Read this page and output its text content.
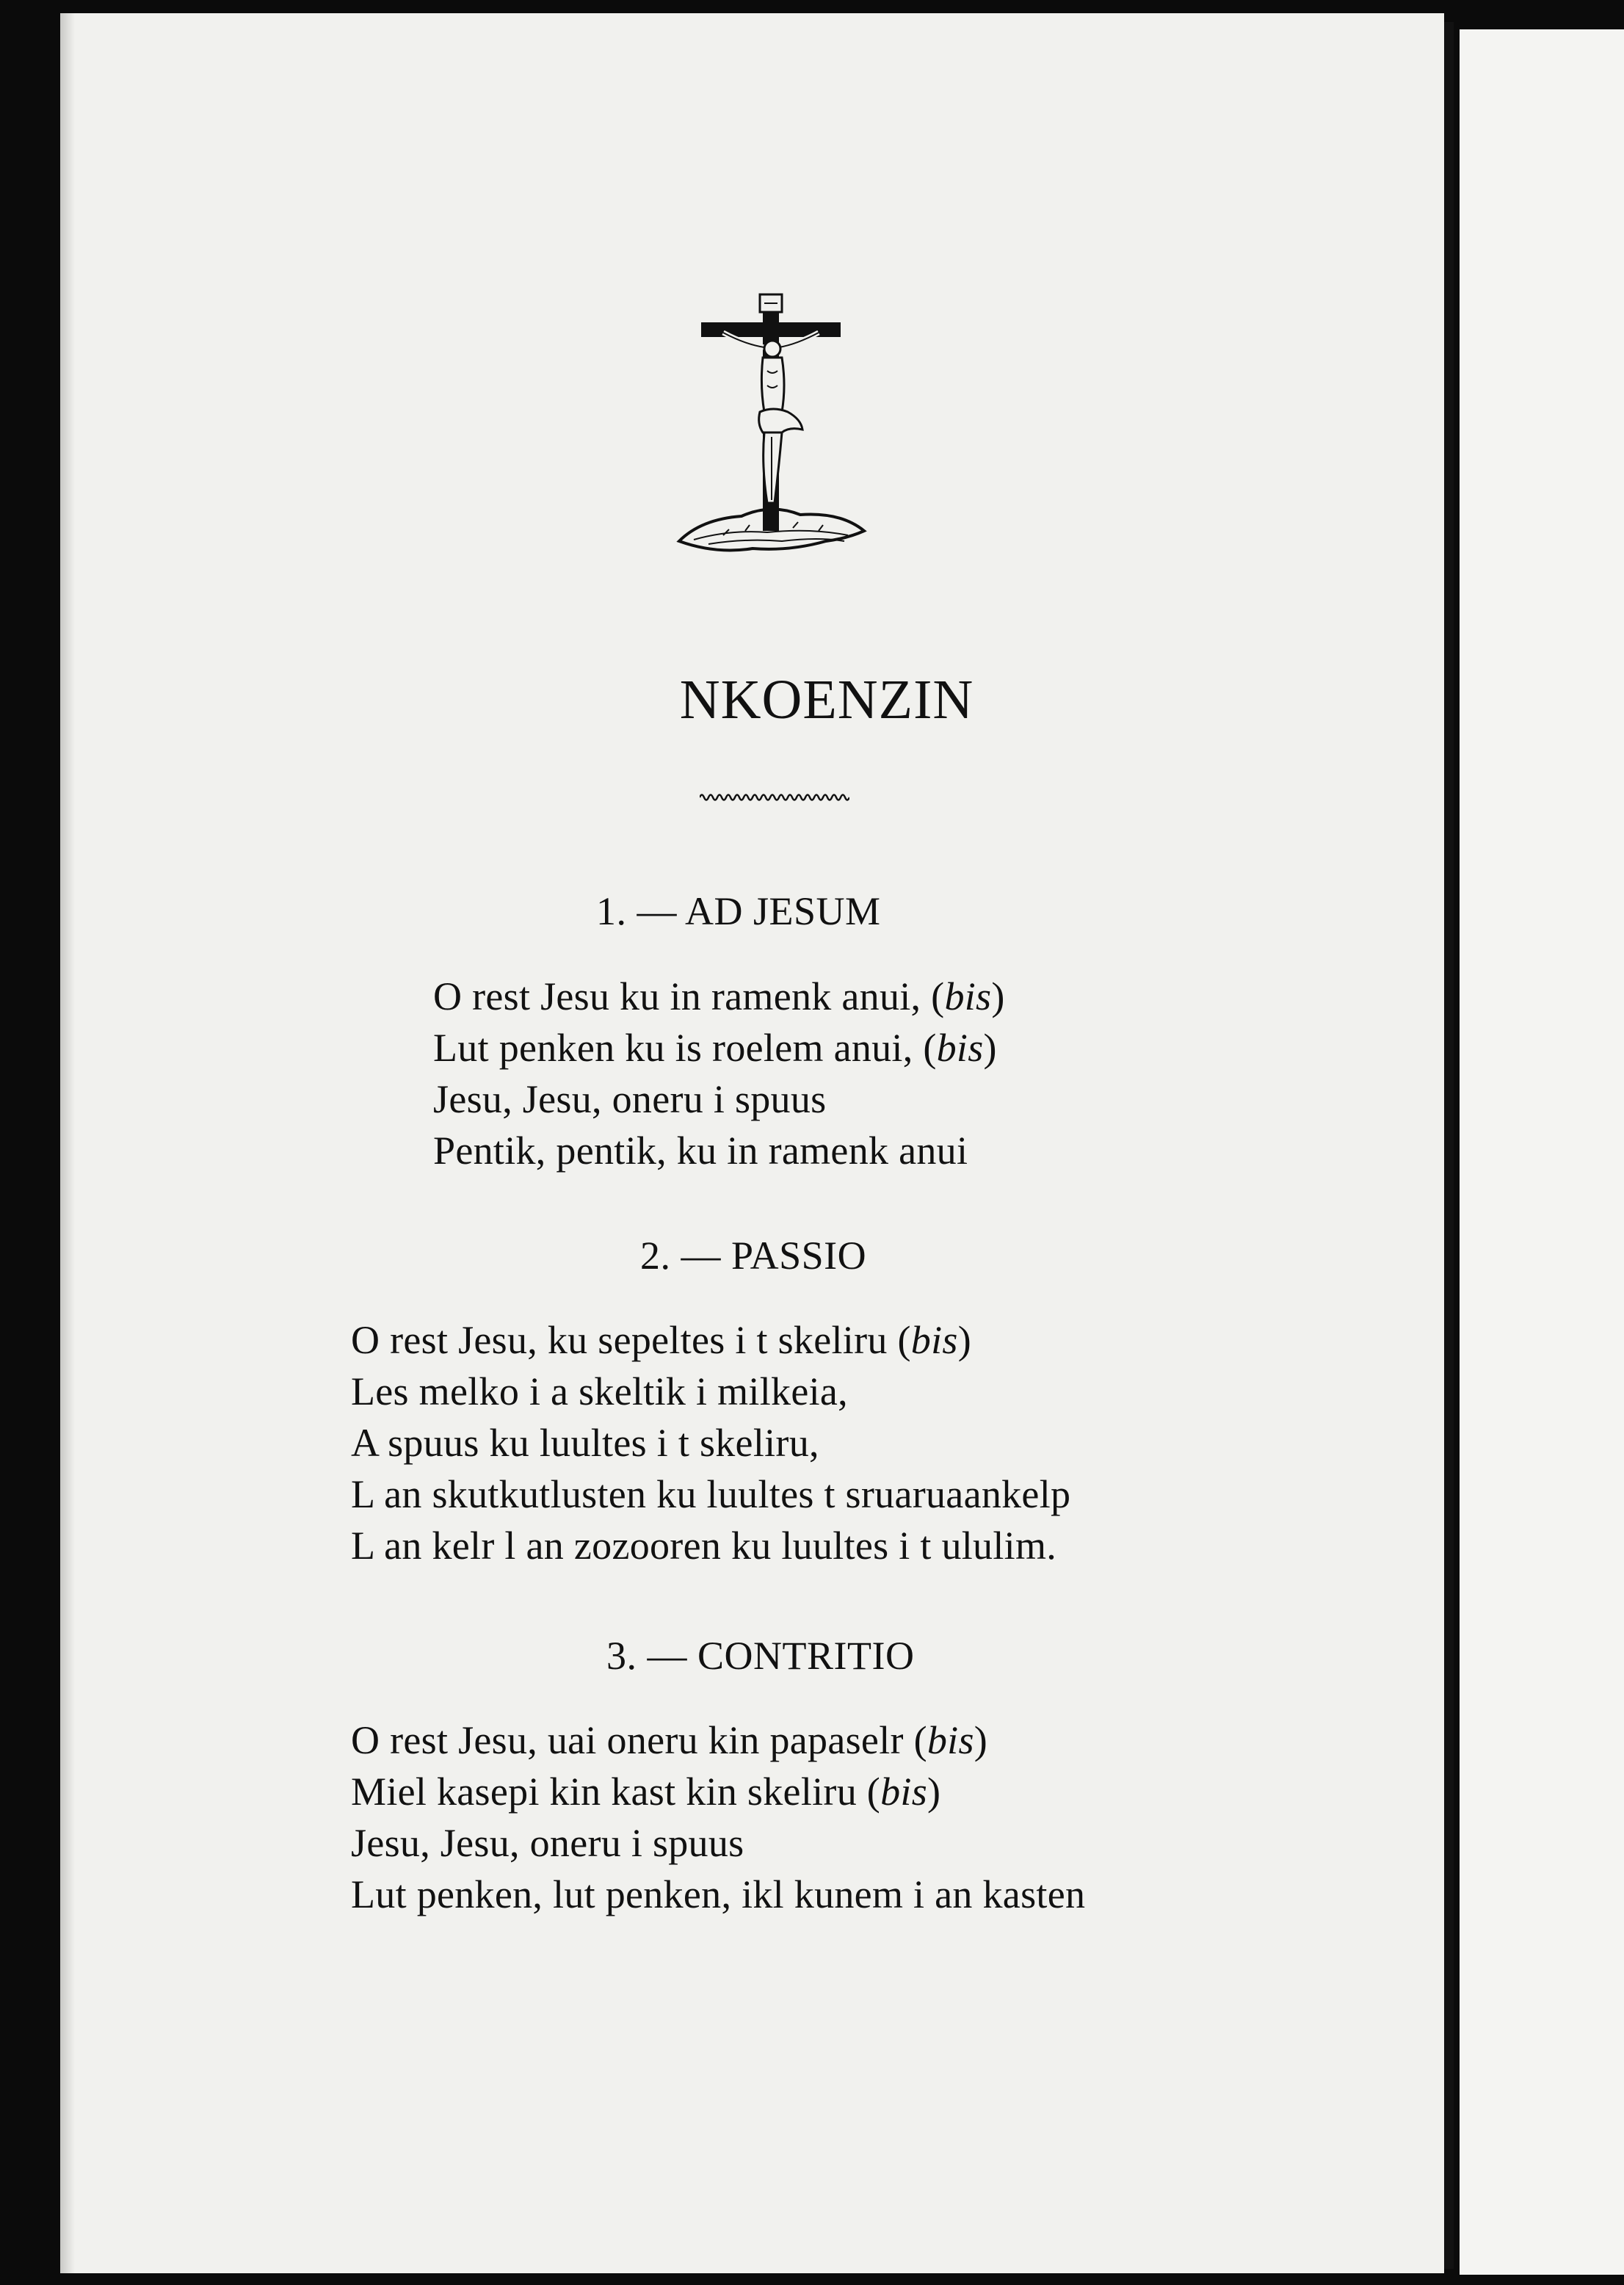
NKOENZIN
1. — AD JESUM
O rest Jesu ku in ramenk anui, (bis)
Lut penken ku is roelem anui, (bis)
Jesu, Jesu, oneru i spuus
Pentik, pentik, ku in ramenk anui
2. — PASSIO
O rest Jesu, ku sepeltes i t skeliru (bis)
Les melko i a skeltik i milkeia,
A spuus ku luultes i t skeliru,
L an skutkutlusten ku luultes t sruaruaankelp
L an kelr l an zozooren ku luultes i t ululim.
3. — CONTRITIO
O rest Jesu, uai oneru kin papaselr (bis)
Miel kasepi kin kast kin skeliru (bis)
Jesu, Jesu, oneru i spuus
Lut penken, lut penken, ikl kunem i an kasten
